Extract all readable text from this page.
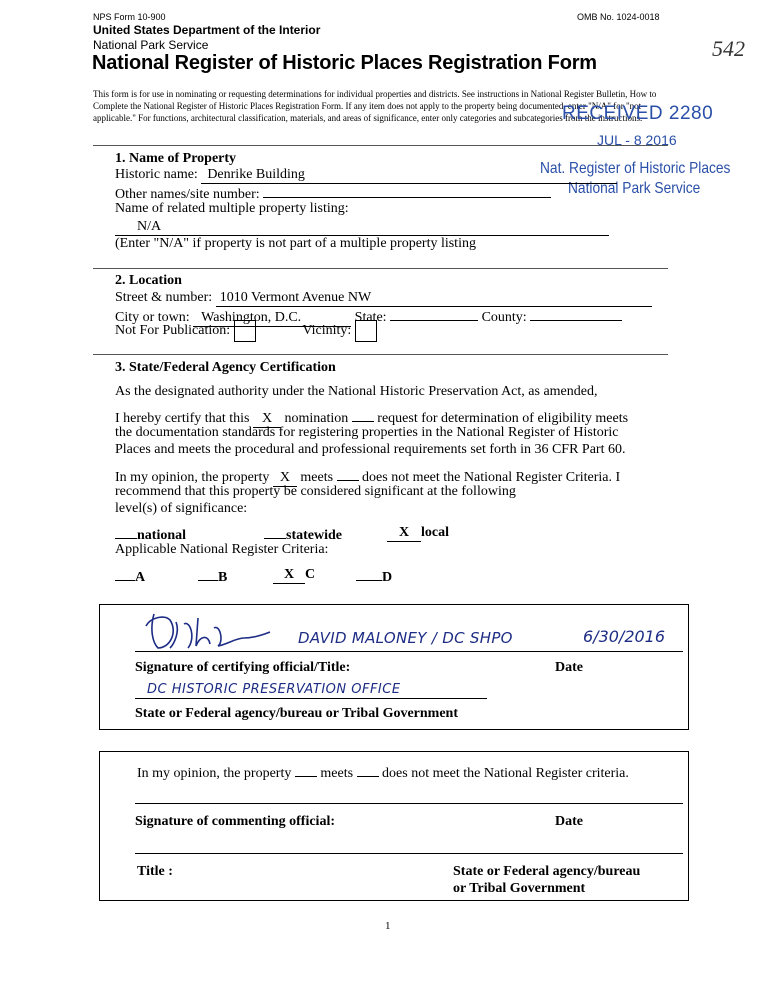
NPS Form 10-900	OMB No. 1024-0018
United States Department of the Interior
National Park Service
National Register of Historic Places Registration Form
542
This form is for use in nominating or requesting determinations for individual properties and districts. See instructions in National Register Bulletin, How to Complete the National Register of Historic Places Registration Form. If any item does not apply to the property being documented, enter "N/A" for "not applicable." For functions, architectural classification, materials, and areas of significance, enter only categories and subcategories from the instructions.
RECEIVED 2280
JUL - 8 2016
Nat. Register of Historic Places
National Park Service
1. Name of Property
Historic name: Denrike Building
Other names/site number:
Name of related multiple property listing:
N/A
(Enter "N/A" if property is not part of a multiple property listing
2. Location
Street & number: 1010 Vermont Avenue NW
City or town: Washington, D.C.	State:	County:
Not For Publication:	Vicinity:
3. State/Federal Agency Certification
As the designated authority under the National Historic Preservation Act, as amended,
I hereby certify that this X nomination request for determination of eligibility meets
the documentation standards for registering properties in the National Register of Historic
Places and meets the procedural and professional requirements set forth in 36 CFR Part 60.
In my opinion, the property X meets does not meet the National Register Criteria. I
recommend that this property be considered significant at the following
level(s) of significance:
national	statewide	X local
Applicable National Register Criteria:
A	B	X C	D
DAVID MALONEY / DC SHPO	6/30/2016
Signature of certifying official/Title:	Date
DC HISTORIC PRESERVATION OFFICE
State or Federal agency/bureau or Tribal Government
In my opinion, the property meets does not meet the National Register criteria.
Signature of commenting official:	Date
Title :	State or Federal agency/bureau
or Tribal Government
1
